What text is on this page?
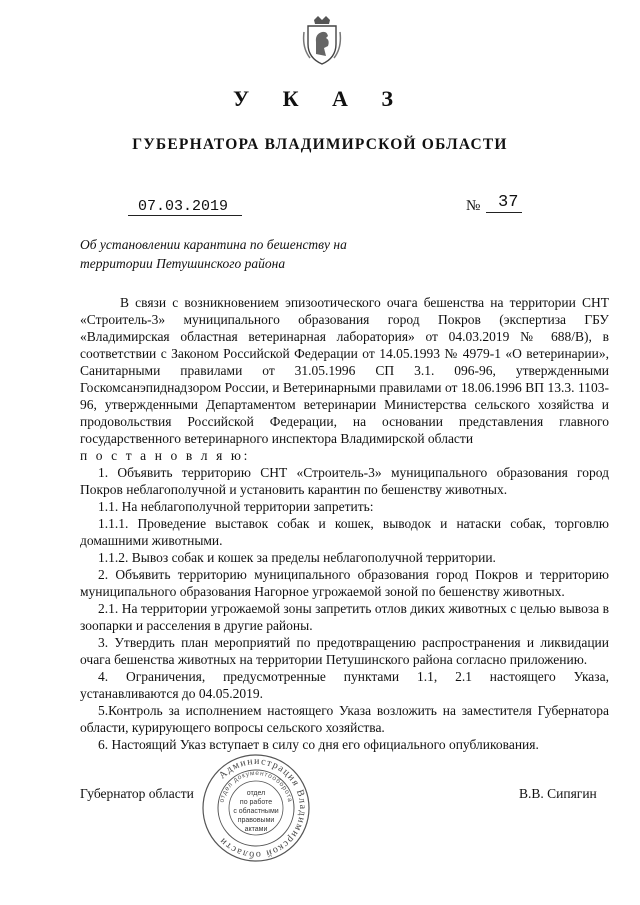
У К А З
ГУБЕРНАТОРА ВЛАДИМИРСКОЙ ОБЛАСТИ
07.03.2019	№ 37
Об установлении карантина по бешенству на
территории Петушинского района

В связи с возникновением эпизоотического очага бешенства на территории СНТ «Строитель-3» муниципального образования город Покров (экспертиза ГБУ «Владимирская областная ветеринарная лаборатория» от 04.03.2019 № 688/В), в соответствии с Законом Российской Федерации от 14.05.1993 № 4979-1 «О ветеринарии», Санитарными правилами от 31.05.1996 СП 3.1. 096-96, утвержденными Госкомсанэпиднадзором России, и Ветеринарными правилами от 18.06.1996 ВП 13.3. 1103-96, утвержденными Департаментом ветеринарии Министерства сельского хозяйства и продовольствия Российской Федерации, на основании представления главного государственного ветеринарного инспектора Владимирской области

п о с т а н о в л я ю:

1. Объявить территорию СНТ «Строитель-3» муниципального образования город Покров неблагополучной и установить карантин по бешенству животных.

1.1. На неблагополучной территории запретить:

1.1.1. Проведение выставок собак и кошек, выводок и натаски собак, торговлю домашними животными.

1.1.2. Вывоз собак и кошек за пределы неблагополучной территории.

2. Объявить территорию муниципального образования город Покров и территорию муниципального образования Нагорное угрожаемой зоной по бешенству животных.

2.1. На территории угрожаемой зоны запретить отлов диких животных с целью вывоза в зоопарки и расселения в другие районы.

3. Утвердить план мероприятий по предотвращению распространения и ликвидации очага бешенства животных на территории Петушинского района согласно приложению.

4. Ограничения, предусмотренные пунктами 1.1, 2.1 настоящего Указа, устанавливаются до 04.05.2019.

5.Контроль за исполнением настоящего Указа возложить на заместителя Губернатора области, курирующего вопросы сельского хозяйства.

6. Настоящий Указ вступает в силу со дня его официального опубликования.

Губернатор области	В.В. Сипягин
Администрация Владимирской области
отдел документооборота
отдел
по работе
с областными
правовыми
актами
